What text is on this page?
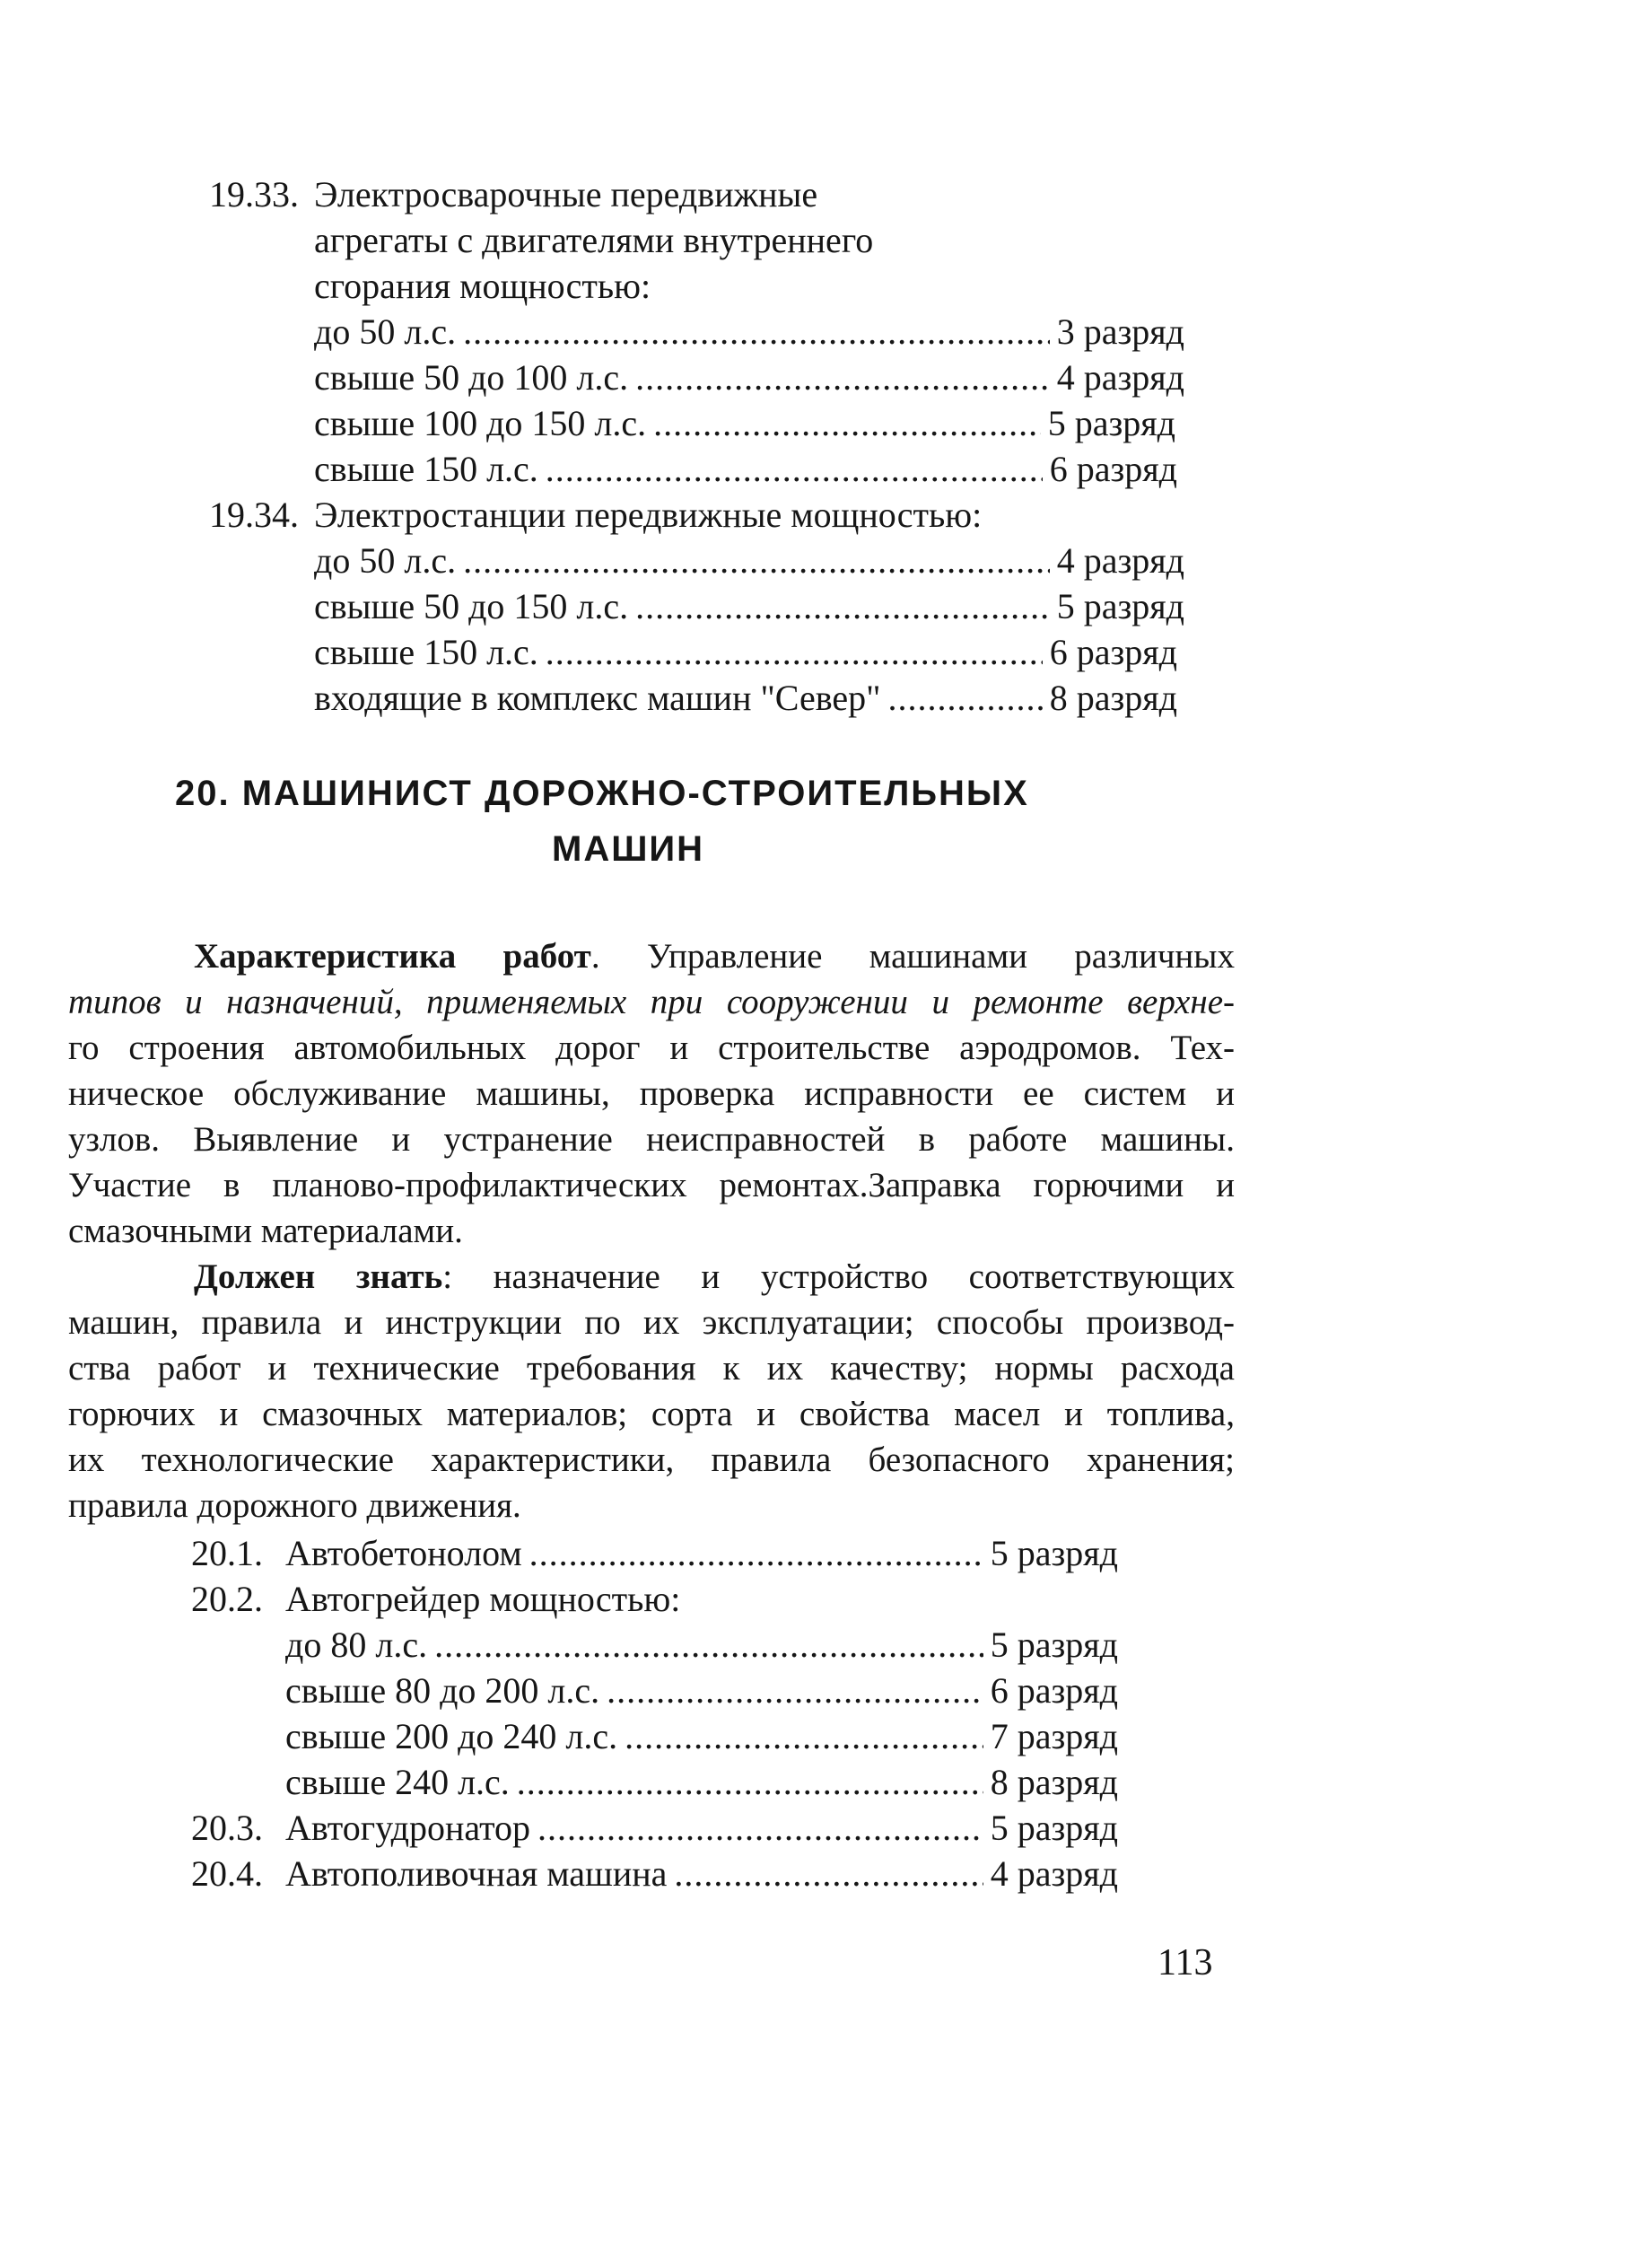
19.33. Электросварочные передвижные
агрегаты с двигателями внутреннего
сгорания мощностью:
до 50 л.с. .....	3 разряд
свыше 50 до 100 л.с. .....	4 разряд
свыше 100 до 150 л.с. .....	5 разряд
свыше 150 л.с. .....	6 разряд
19.34. Электростанции передвижные мощностью:
до 50 л.с. .....	4 разряд
свыше 50 до 150 л.с. .....	5 разряд
свыше 150 л.с. .....	6 разряд
входящие в комплекс машин "Север" .....	8 разряд
20. МАШИНИСТ ДОРОЖНО-СТРОИТЕЛЬНЫХ
МАШИН
Характеристика работ. Управление машинами различных
типов и назначений, применяемых при сооружении и ремонте верхне-
го строения автомобильных дорог и строительстве аэродромов. Тех-
ническое обслуживание машины, проверка исправности ее систем и
узлов. Выявление и устранение неисправностей в работе машины.
Участие в планово-профилактических ремонтах.Заправка горючими и
смазочными материалами.
Должен знать: назначение и устройство соответствующих
машин, правила и инструкции по их эксплуатации; способы производ-
ства работ и технические требования к их качеству; нормы расхода
горючих и смазочных материалов; сорта и свойства масел и топлива,
их технологические характеристики, правила безопасного хранения;
правила дорожного движения.
20.1. Автобетонолом .....	5 разряд
20.2. Автогрейдер мощностью:
до 80 л.с. .....	5 разряд
свыше 80 до 200 л.с. .....	6 разряд
свыше 200 до 240 л.с. .....	7 разряд
свыше 240 л.с. .....	8 разряд
20.3. Автогудронатор .....	5 разряд
20.4. Автополивочная машина .....	4 разряд
113
